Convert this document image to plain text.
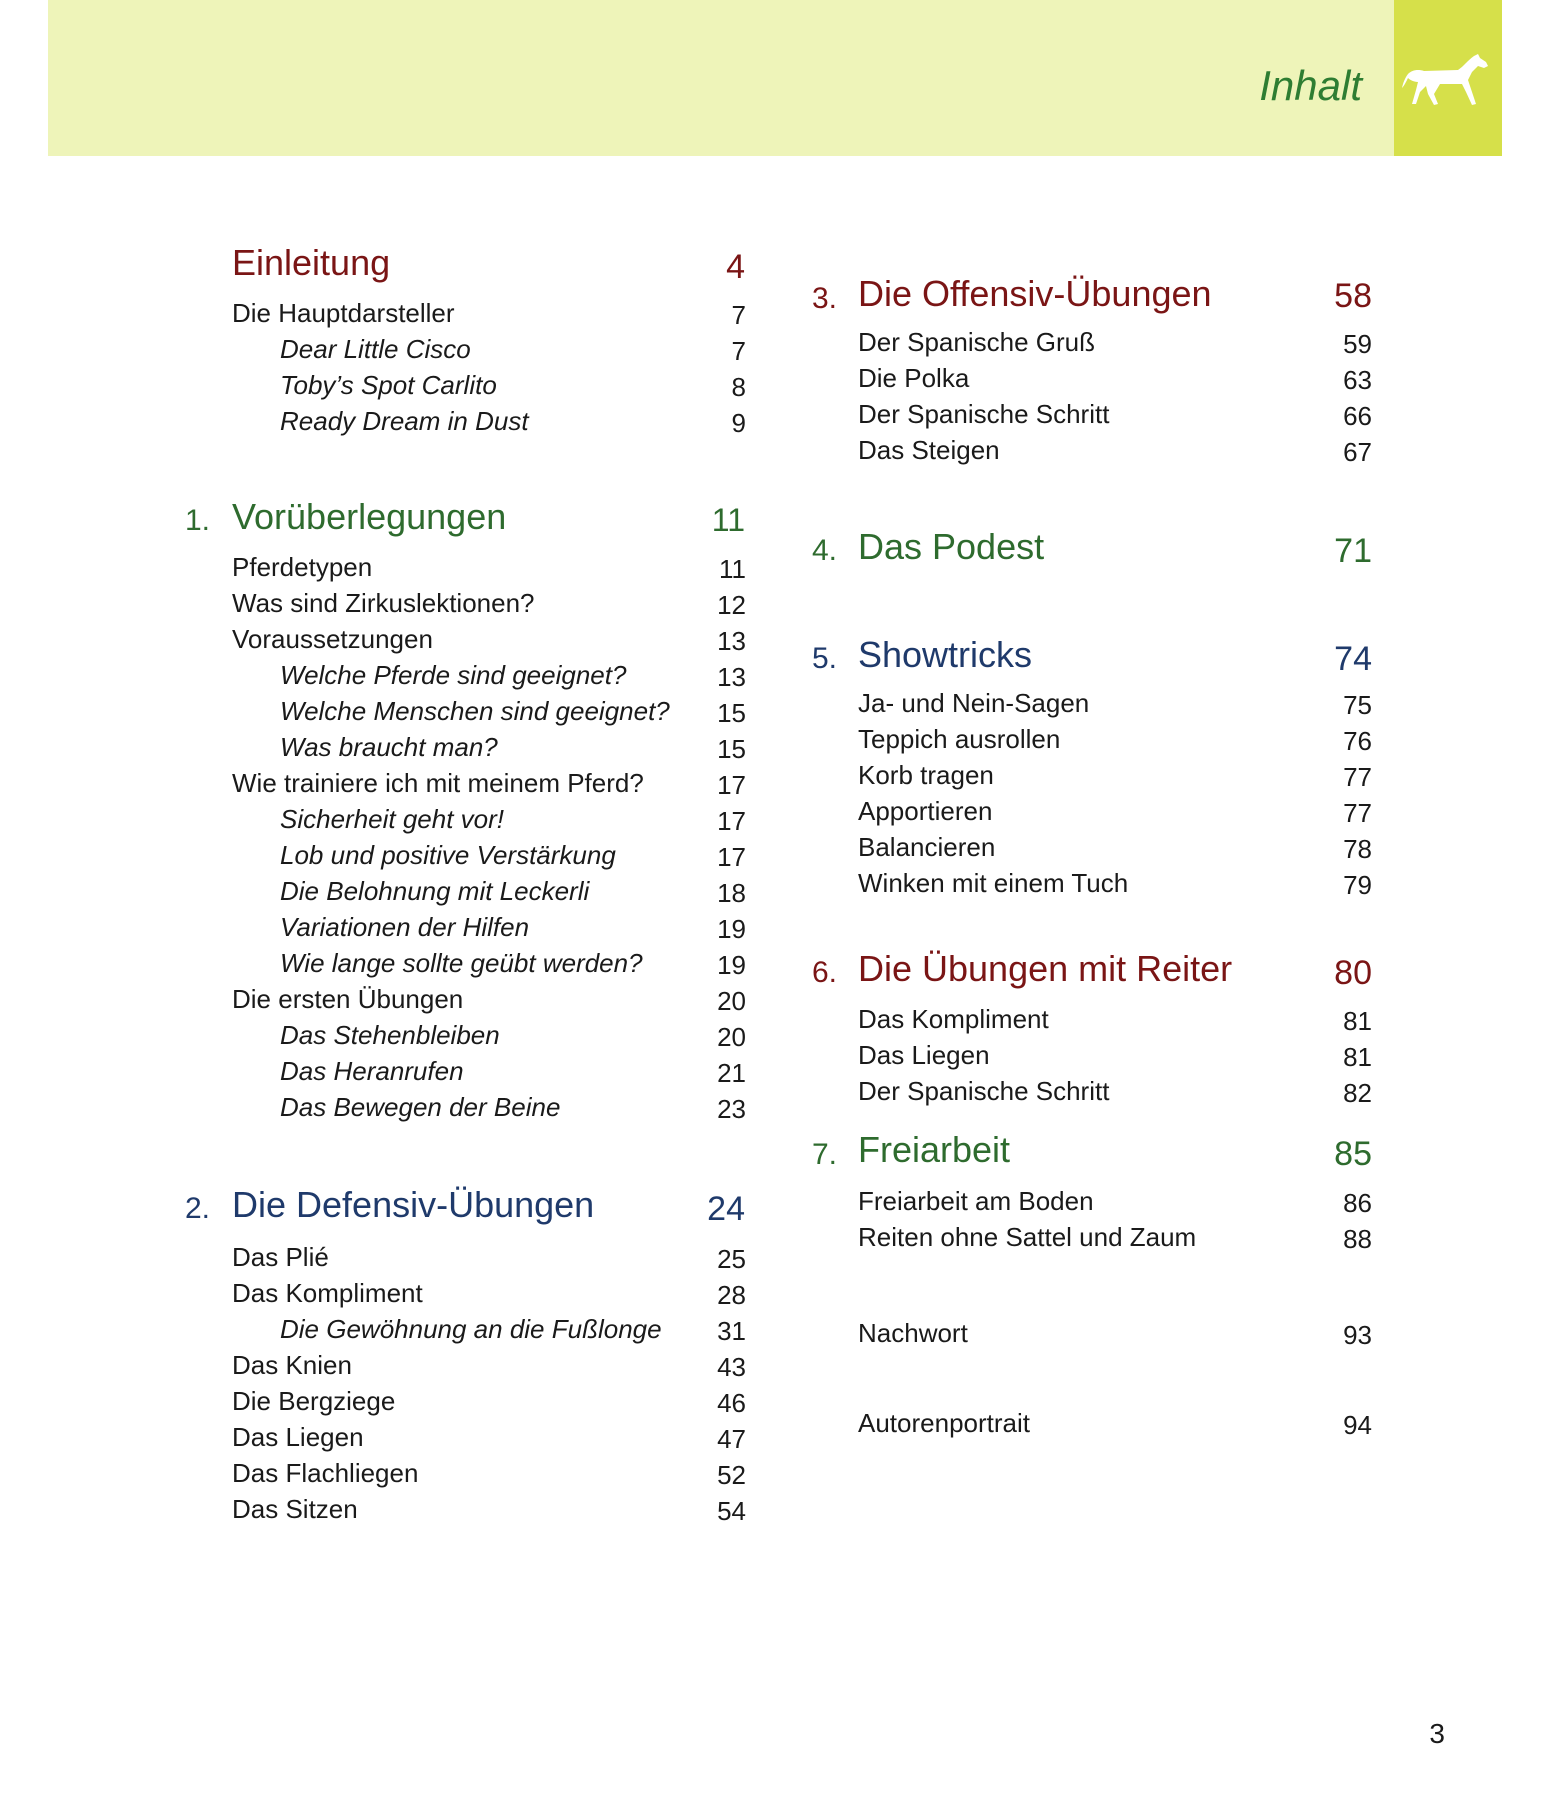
Inhalt
Einleitung	4
Die Hauptdarsteller	7
Dear Little Cisco	7
Toby’s Spot Carlito	8
Ready Dream in Dust	9
1. Vorüberlegungen	11
Pferdetypen	11
Was sind Zirkuslektionen?	12
Voraussetzungen	13
Welche Pferde sind geeignet?	13
Welche Menschen sind geeignet?	15
Was braucht man?	15
Wie trainiere ich mit meinem Pferd?	17
Sicherheit geht vor!	17
Lob und positive Verstärkung	17
Die Belohnung mit Leckerli	18
Variationen der Hilfen	19
Wie lange sollte geübt werden?	19
Die ersten Übungen	20
Das Stehenbleiben	20
Das Heranrufen	21
Das Bewegen der Beine	23
2. Die Defensiv-Übungen	24
Das Plié	25
Das Kompliment	28
Die Gewöhnung an die Fußlonge	31
Das Knien	43
Die Bergziege	46
Das Liegen	47
Das Flachliegen	52
Das Sitzen	54
3. Die Offensiv-Übungen	58
Der Spanische Gruß	59
Die Polka	63
Der Spanische Schritt	66
Das Steigen	67
4. Das Podest	71
5. Showtricks	74
Ja- und Nein-Sagen	75
Teppich ausrollen	76
Korb tragen	77
Apportieren	77
Balancieren	78
Winken mit einem Tuch	79
6. Die Übungen mit Reiter	80
Das Kompliment	81
Das Liegen	81
Der Spanische Schritt	82
7. Freiarbeit	85
Freiarbeit am Boden	86
Reiten ohne Sattel und Zaum	88
Nachwort	93
Autorenportrait	94
3
